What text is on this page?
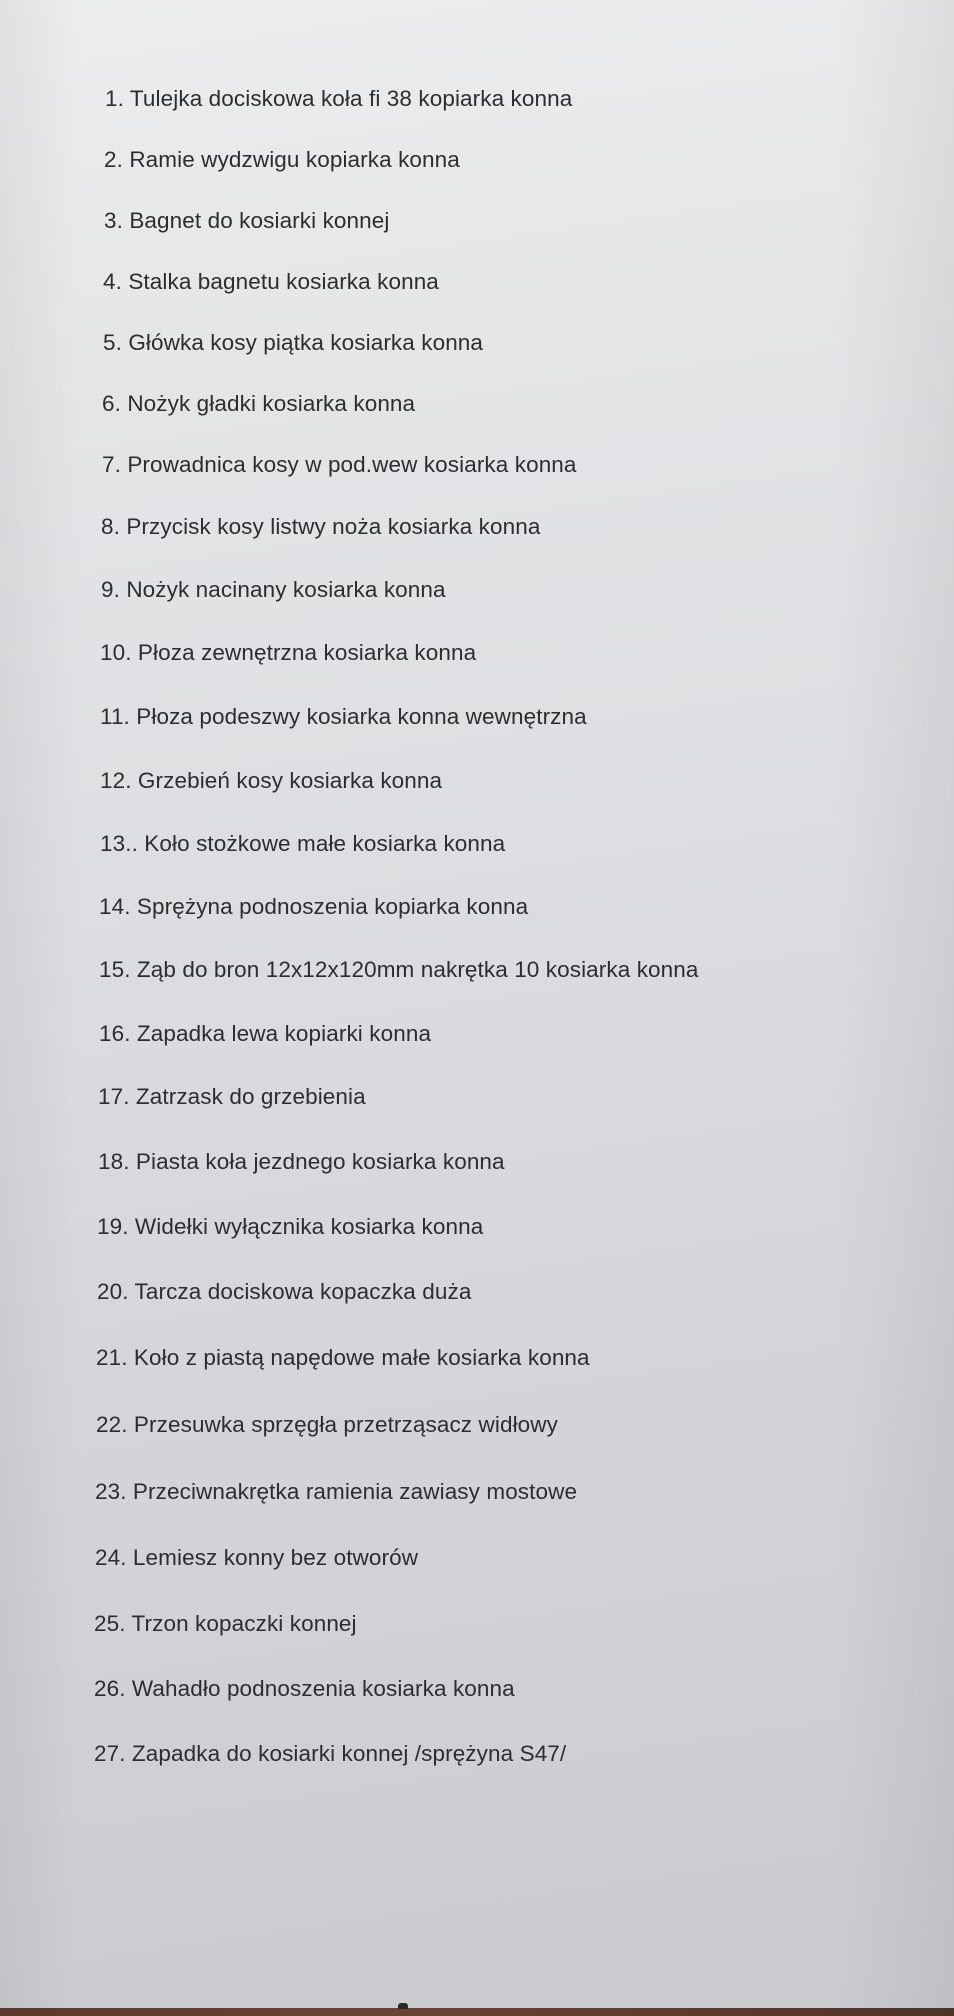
1. Tulejka dociskowa koła fi 38 kopiarka konna
2. Ramie wydzwigu kopiarka konna
3. Bagnet do kosiarki konnej
4. Stalka bagnetu kosiarka konna
5. Główka kosy piątka kosiarka konna
6. Nożyk gładki kosiarka konna
7. Prowadnica kosy w pod.wew kosiarka konna
8. Przycisk kosy listwy noża kosiarka konna
9. Nożyk nacinany kosiarka konna
10. Płoza zewnętrzna kosiarka konna
11. Płoza podeszwy kosiarka konna wewnętrzna
12. Grzebień kosy kosiarka konna
13.. Koło stożkowe małe kosiarka konna
14. Sprężyna podnoszenia kopiarka konna
15. Ząb do bron 12x12x120mm nakrętka 10 kosiarka konna
16. Zapadka lewa kopiarki konna
17. Zatrzask do grzebienia
18. Piasta koła jezdnego kosiarka konna
19. Widełki wyłącznika kosiarka konna
20. Tarcza dociskowa kopaczka duża
21. Koło z piastą napędowe małe kosiarka konna
22. Przesuwka sprzęgła przetrząsacz widłowy
23. Przeciwnakrętka ramienia zawiasy mostowe
24. Lemiesz konny bez otworów
25. Trzon kopaczki konnej
26. Wahadło podnoszenia kosiarka konna
27. Zapadka do kosiarki konnej /sprężyna S47/
